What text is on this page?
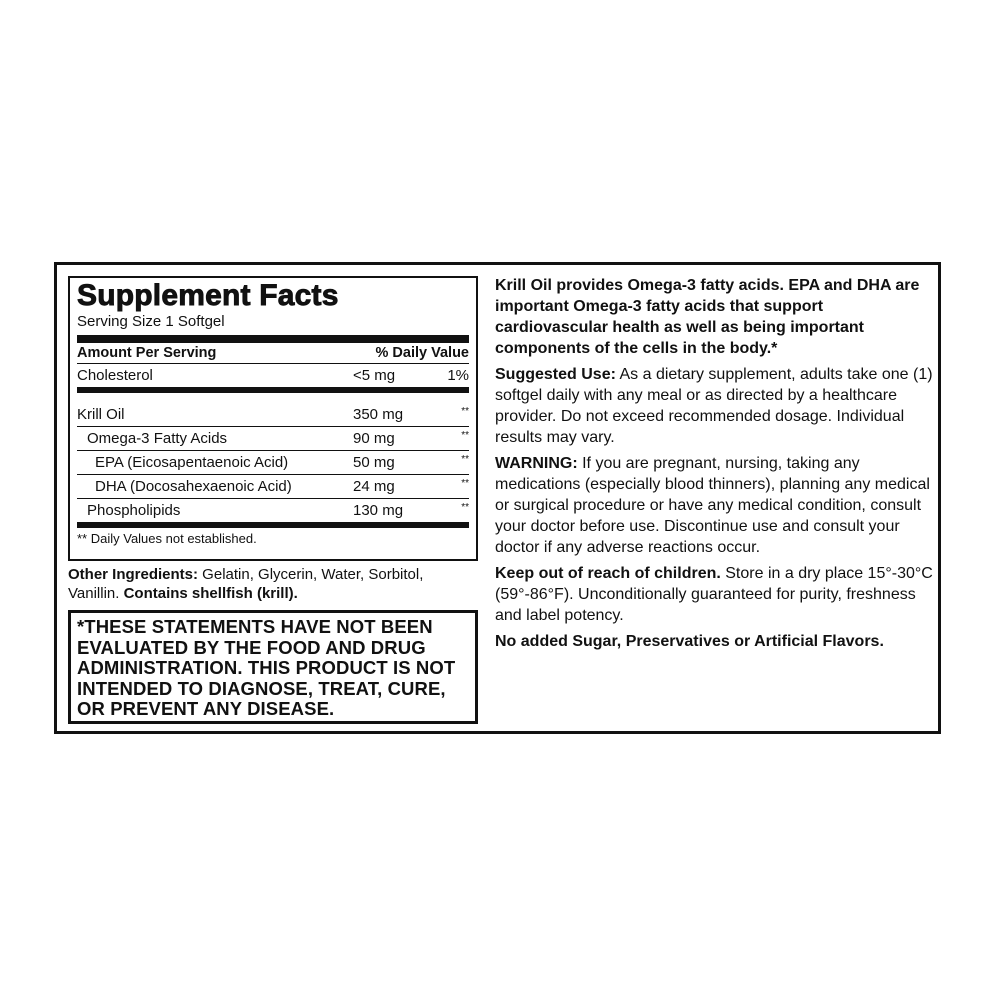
Supplement Facts
Serving Size 1 Softgel
Amount Per Serving	% Daily Value
Cholesterol	<5 mg	1%
Krill Oil	350 mg	**
Omega-3 Fatty Acids	90 mg	**
EPA (Eicosapentaenoic Acid)	50 mg	**
DHA (Docosahexaenoic Acid)	24 mg	**
Phospholipids	130 mg	**
** Daily Values not established.
Other Ingredients: Gelatin, Glycerin, Water, Sorbitol, Vanillin. Contains shellfish (krill).
*THESE STATEMENTS HAVE NOT BEEN EVALUATED BY THE FOOD AND DRUG ADMINISTRATION. THIS PRODUCT IS NOT INTENDED TO DIAGNOSE, TREAT, CURE, OR PREVENT ANY DISEASE.

Krill Oil provides Omega-3 fatty acids. EPA and DHA are important Omega-3 fatty acids that support cardiovascular health as well as being important components of the cells in the body.*

Suggested Use: As a dietary supplement, adults take one (1) softgel daily with any meal or as directed by a healthcare provider. Do not exceed recommended dosage. Individual results may vary.

WARNING: If you are pregnant, nursing, taking any medications (especially blood thinners), planning any medical or surgical procedure or have any medical condition, consult your doctor before use. Discontinue use and consult your doctor if any adverse reactions occur.

Keep out of reach of children. Store in a dry place 15°-30°C (59°-86°F). Unconditionally guaranteed for purity, freshness and label potency.

No added Sugar, Preservatives or Artificial Flavors.
